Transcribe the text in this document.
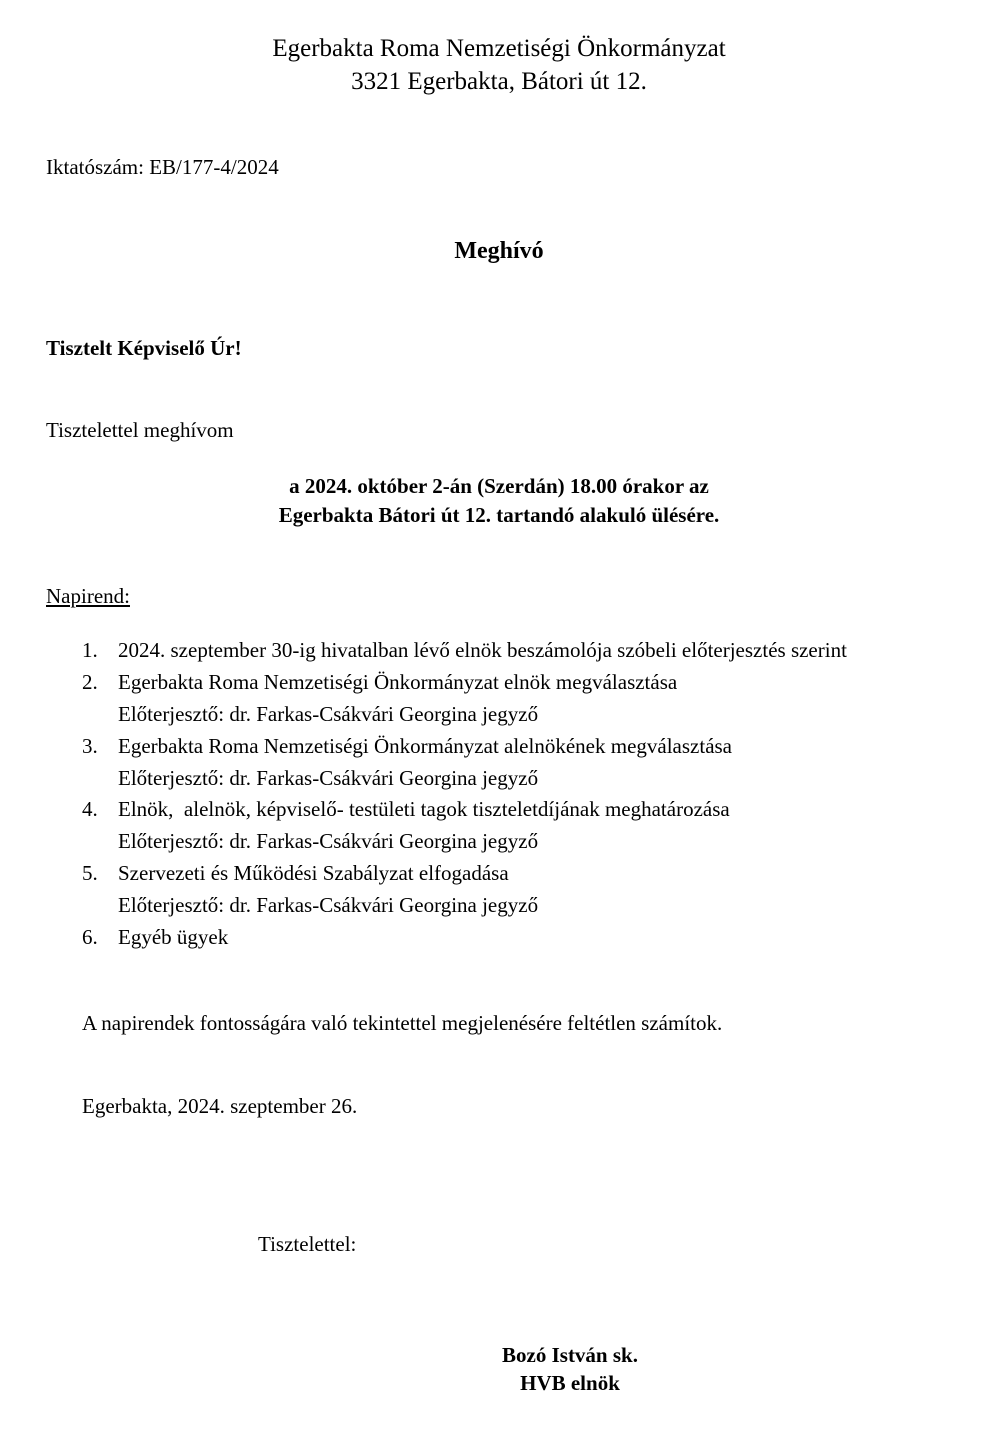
Egerbakta Roma Nemzetiségi Önkormányzat
3321 Egerbakta, Bátori út 12.
Iktatószám: EB/177-4/2024
Meghívó
Tisztelt Képviselő Úr!
Tisztelettel meghívom
a 2024. október 2-án (Szerdán) 18.00 órakor az
Egerbakta Bátori út 12. tartandó alakuló ülésére.
Napirend:
1. 2024. szeptember 30-ig hivatalban lévő elnök beszámolója szóbeli előterjesztés szerint
2. Egerbakta Roma Nemzetiségi Önkormányzat elnök megválasztása
Előterjesztő: dr. Farkas-Csákvári Georgina jegyző
3. Egerbakta Roma Nemzetiségi Önkormányzat alelnökének megválasztása
Előterjesztő: dr. Farkas-Csákvári Georgina jegyző
4. Elnök,  alelnök, képviselő- testületi tagok tiszteletdíjának meghatározása
Előterjesztő: dr. Farkas-Csákvári Georgina jegyző
5. Szervezeti és Működési Szabályzat elfogadása
Előterjesztő: dr. Farkas-Csákvári Georgina jegyző
6. Egyéb ügyek
A napirendek fontosságára való tekintettel megjelenésére feltétlen számítok.
Egerbakta, 2024. szeptember 26.
Tisztelettel:
Bozó István sk.
HVB elnök
